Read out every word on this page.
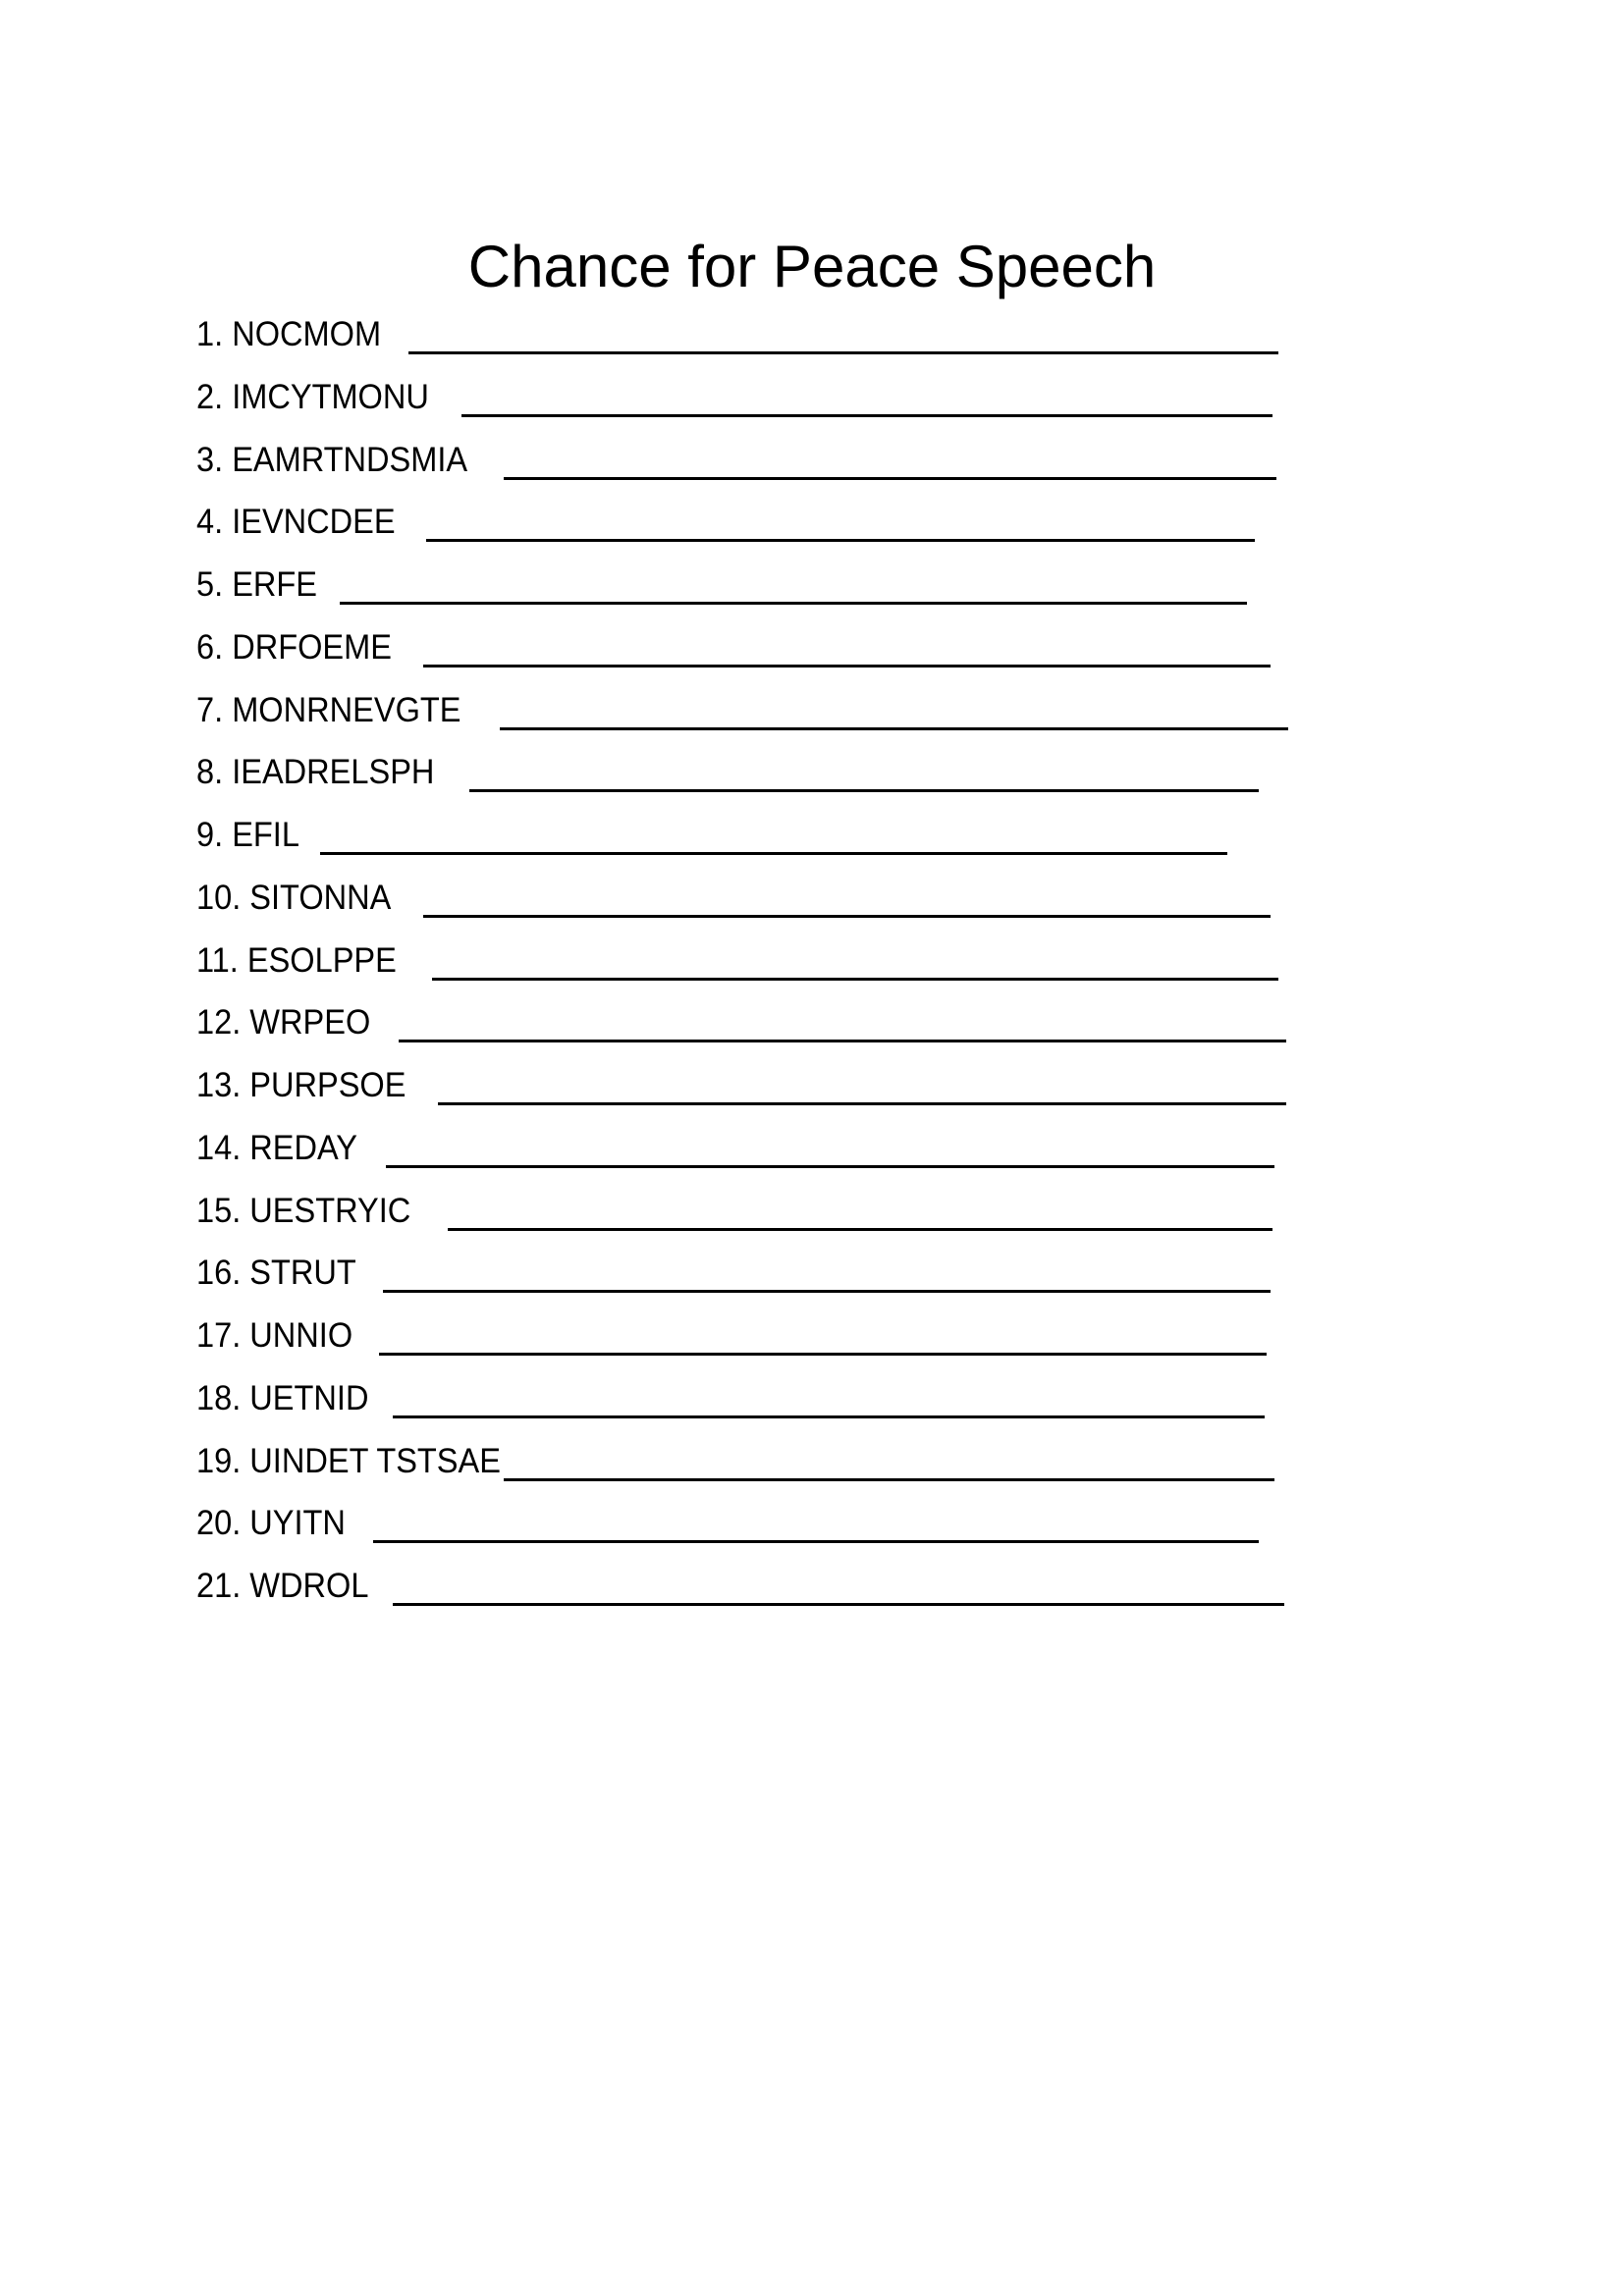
Chance for Peace Speech
1. NOCMOM
2. IMCYTMONU
3. EAMRTNDSMIA
4. IEVNCDEE
5. ERFE
6. DRFOEME
7. MONRNEVGTE
8. IEADRELSPH
9. EFIL
10. SITONNA
11. ESOLPPE
12. WRPEO
13. PURPSOE
14. REDAY
15. UESTRYIC
16. STRUT
17. UNNIO
18. UETNID
19. UINDET TSTSAE
20. UYITN
21. WDROL
